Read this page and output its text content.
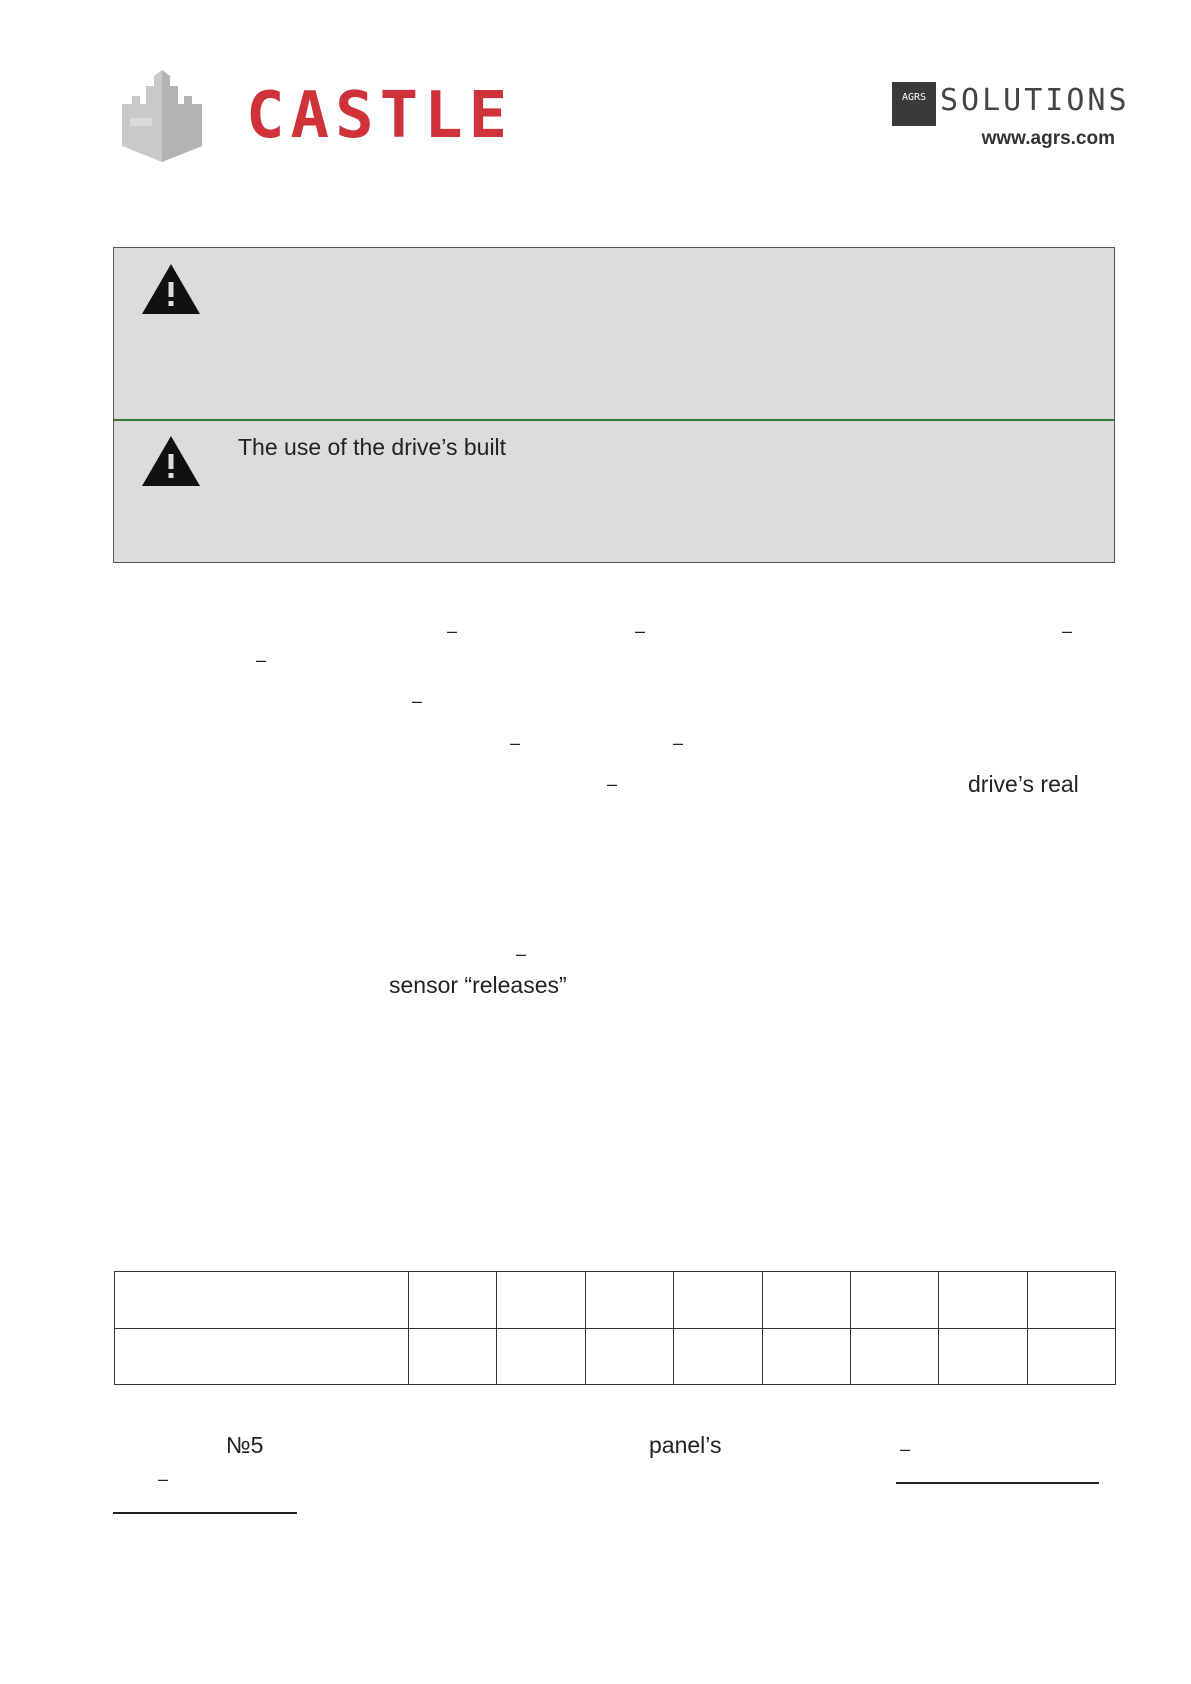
CASTLE	AGRS SOLUTIONS
www.agrs.com
The use of the drive’s built
–	–	–
–
–
–	–
–	drive’s real
–
sensor “releases”

№5	panel’s	–
–
